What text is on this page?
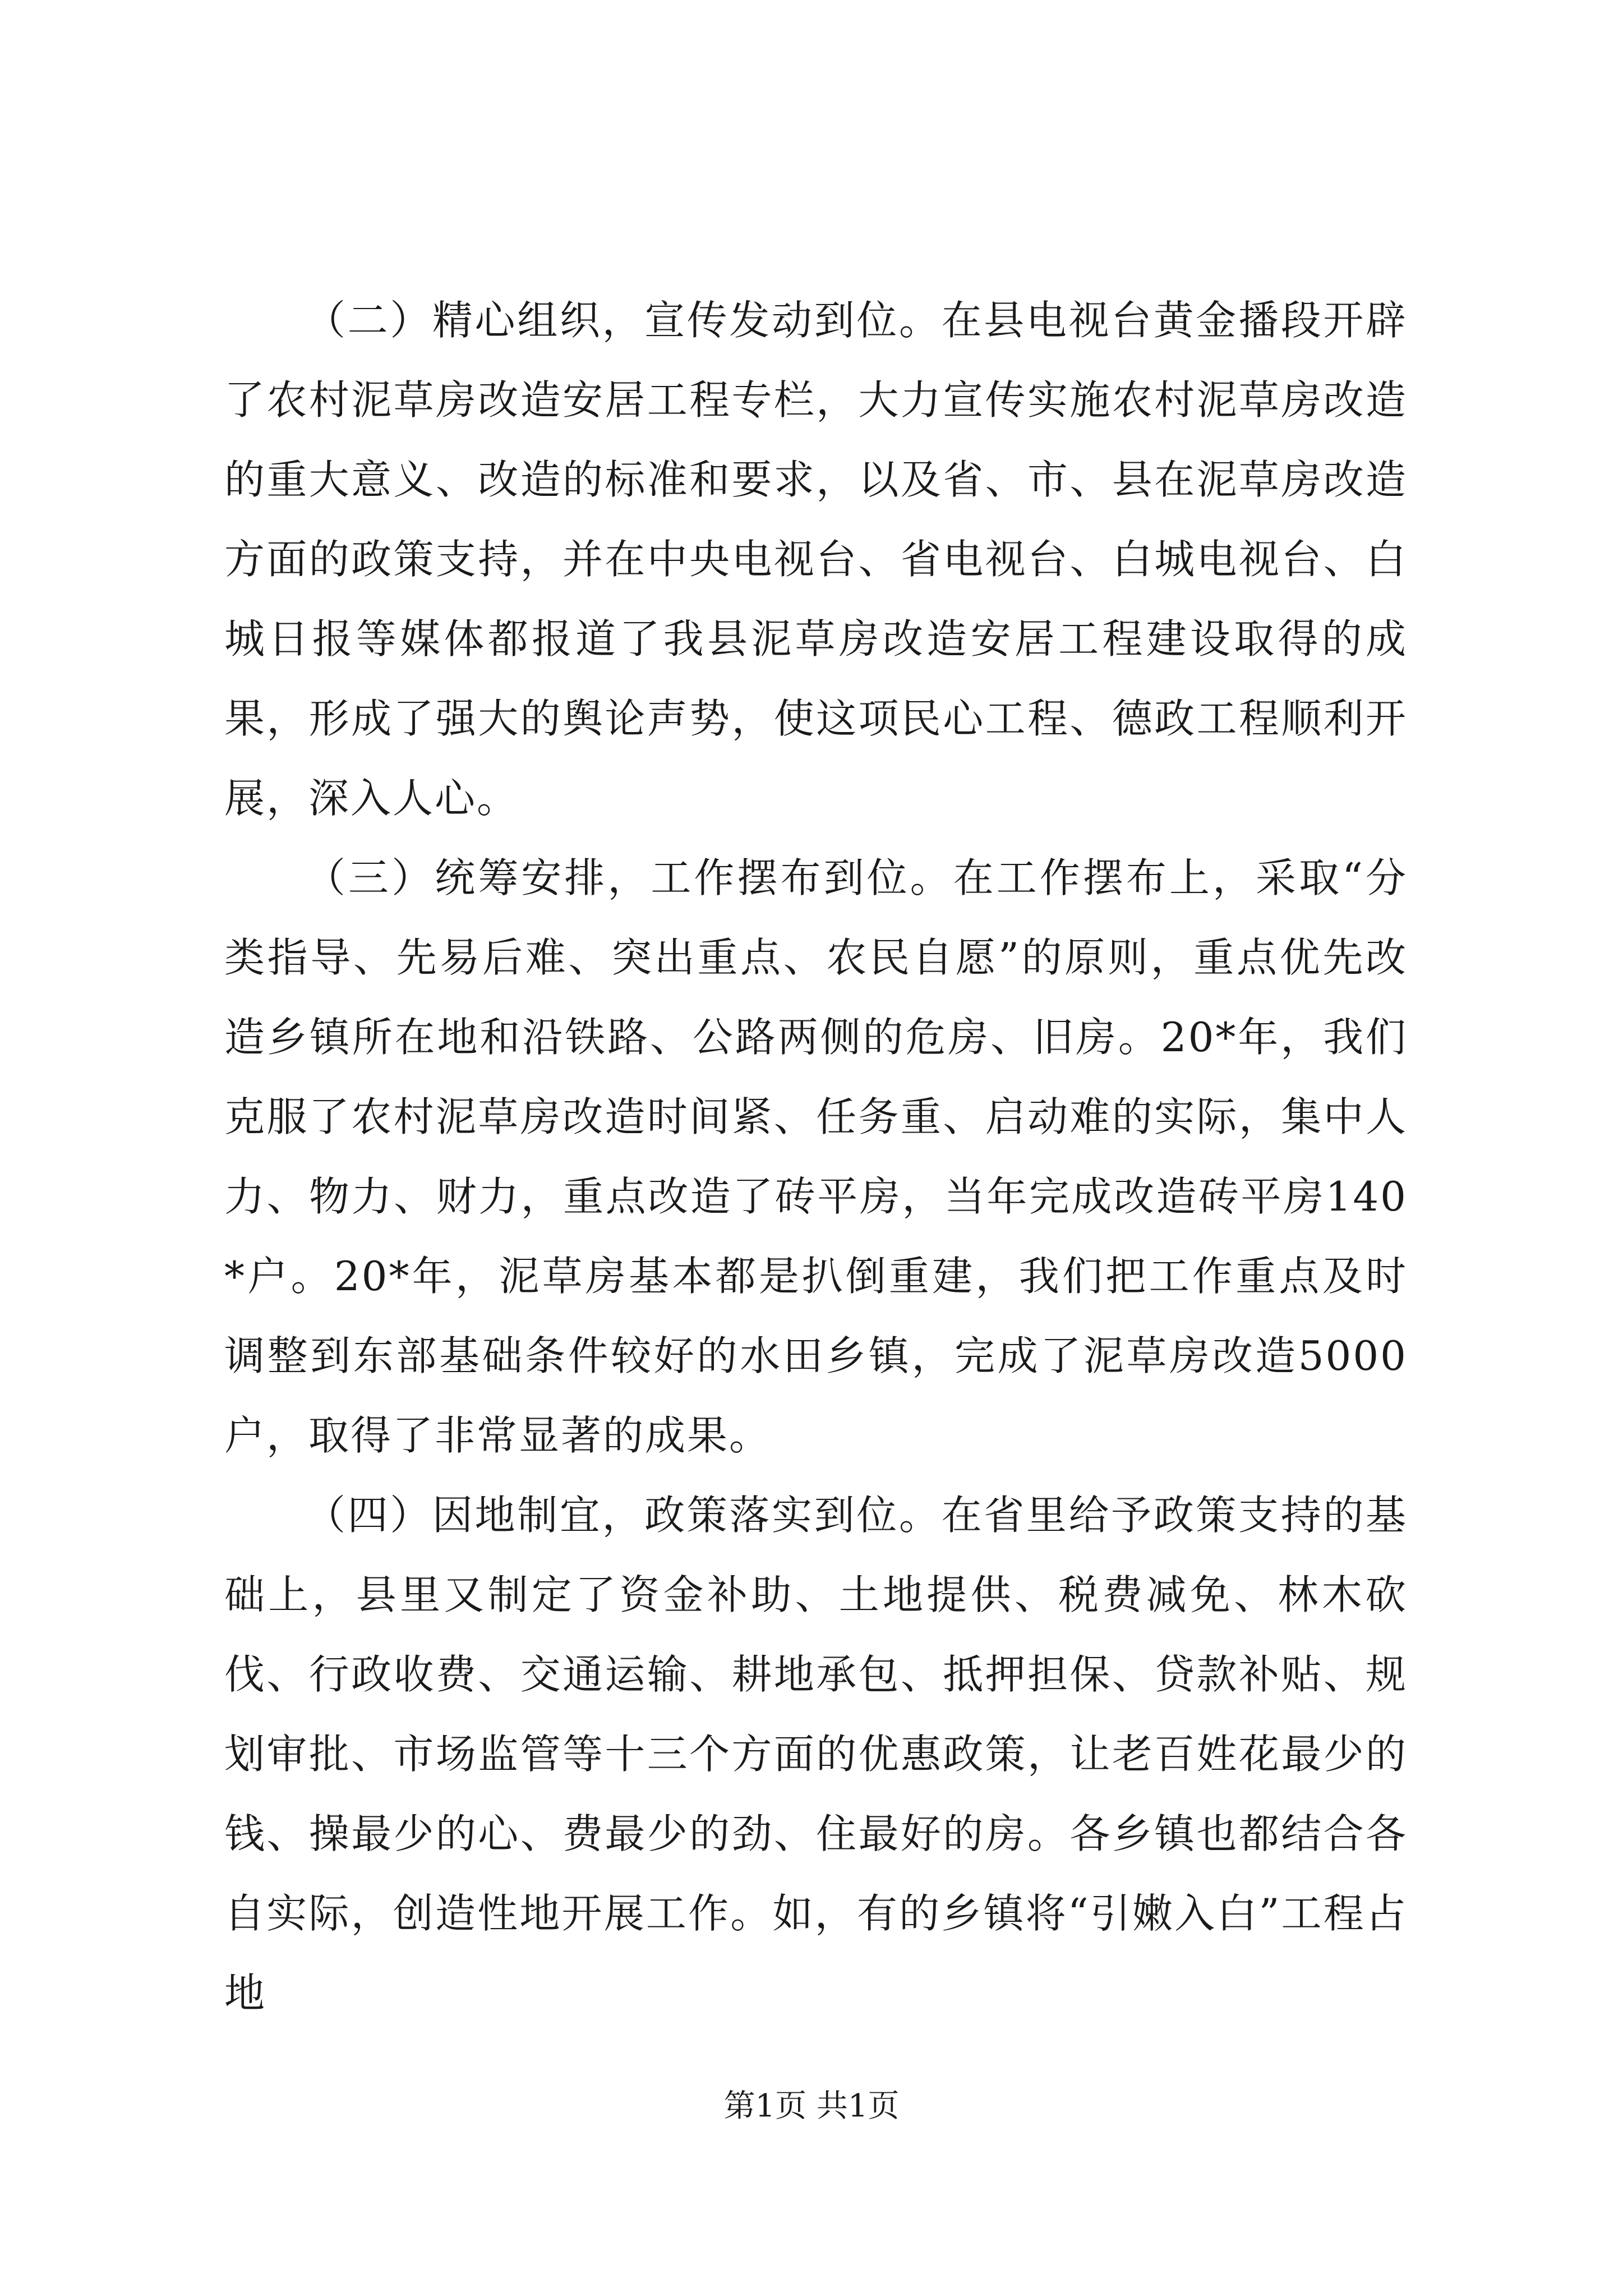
（二）精心组织，宣传发动到位。在县电视台黄金播段开辟了农村泥草房改造安居工程专栏，大力宣传实施农村泥草房改造的重大意义、改造的标准和要求，以及省、市、县在泥草房改造方面的政策支持，并在中央电视台、省电视台、白城电视台、白城日报等媒体都报道了我县泥草房改造安居工程建设取得的成果，形成了强大的舆论声势，使这项民心工程、德政工程顺利开展，深入人心。

（三）统筹安排，工作摆布到位。在工作摆布上，采取“分类指导、先易后难、突出重点、农民自愿”的原则，重点优先改造乡镇所在地和沿铁路、公路两侧的危房、旧房。20*年，我们克服了农村泥草房改造时间紧、任务重、启动难的实际，集中人力、物力、财力，重点改造了砖平房，当年完成改造砖平房140*户。20*年，泥草房基本都是扒倒重建，我们把工作重点及时调整到东部基础条件较好的水田乡镇，完成了泥草房改造5000户，取得了非常显著的成果。

（四）因地制宜，政策落实到位。在省里给予政策支持的基础上，县里又制定了资金补助、土地提供、税费减免、林木砍伐、行政收费、交通运输、耕地承包、抵押担保、贷款补贴、规划审批、市场监管等十三个方面的优惠政策，让老百姓花最少的钱、操最少的心、费最少的劲、住最好的房。各乡镇也都结合各自实际，创造性地开展工作。如，有的乡镇将“引嫩入白”工程占地

第1页 共1页
